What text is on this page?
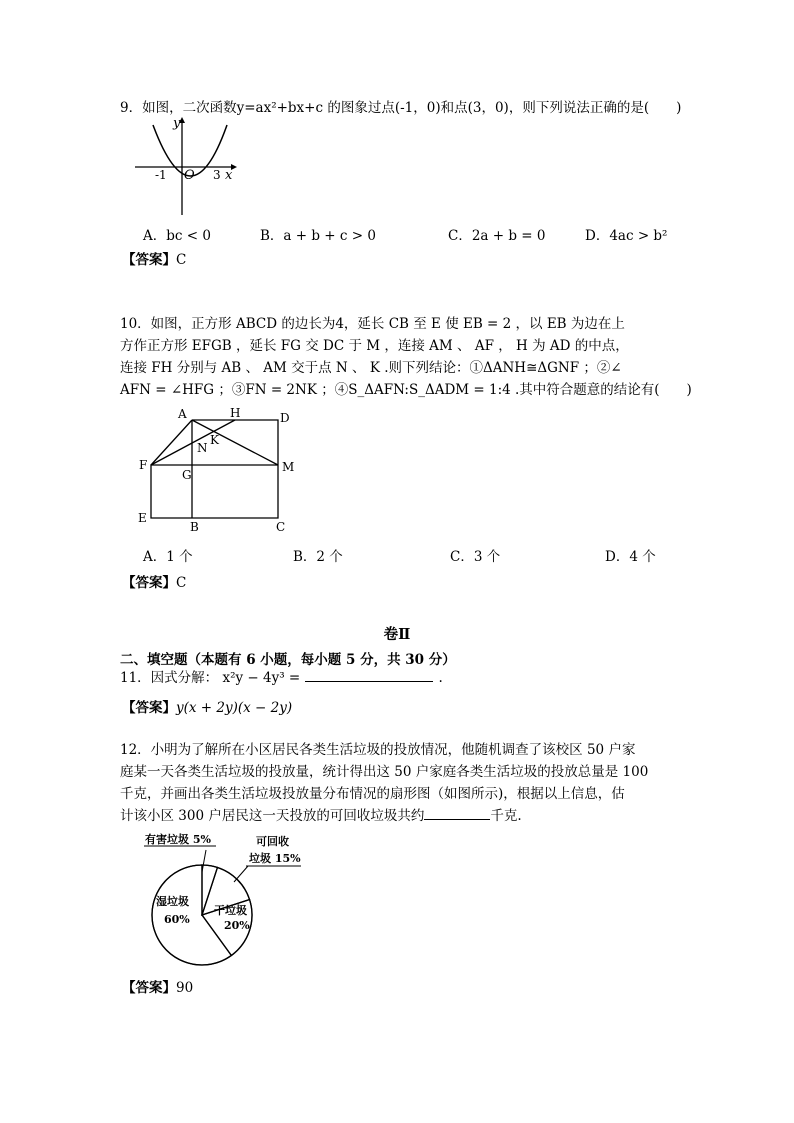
9．如图，二次函数y=ax²+bx+c 的图象过点(-1，0)和点(3，0)，则下列说法正确的是(　　)
y
x
O
-1	3
A．bc < 0	B．a + b + c > 0	C．2a + b = 0	D．4ac > b²
【答案】C
10．如图，正方形 ABCD 的边长为4，延长 CB 至 E 使 EB = 2 ，以 EB 为边在上
方作正方形 EFGB ，延长 FG 交 DC 于 M ，连接 AM 、 AF ， H 为 AD 的中点，
连接 FH 分别与 AB 、 AM 交于点 N 、 K .则下列结论：①ΔANH≅ΔGNF ；②∠
AFN = ∠HFG ；③FN = 2NK ；④S_ΔAFN:S_ΔADM = 1:4 .其中符合题意的结论有(　　)
A	H	D
N
K
F
G
M
E
B	C
A．1 个	B．2 个	C．3 个	D．4 个
【答案】C
卷Ⅱ
二、填空题（本题有 6 小题，每小题 5 分，共 30 分）
11．因式分解： x²y − 4y³ =	.
【答案】y(x + 2y)(x − 2y)
12．小明为了解所在小区居民各类生活垃圾的投放情况，他随机调查了该校区 50 户家
庭某一天各类生活垃圾的投放量，统计得出这 50 户家庭各类生活垃圾的投放总量是 100
千克，并画出各类生活垃圾投放量分布情况的扇形图（如图所示)，根据以上信息，估
计该小区 300 户居民这一天投放的可回收垃圾共约	千克.
有害垃圾 5%	可回收
垃圾 15%
湿垃圾
60%
干垃圾
20%
【答案】90
